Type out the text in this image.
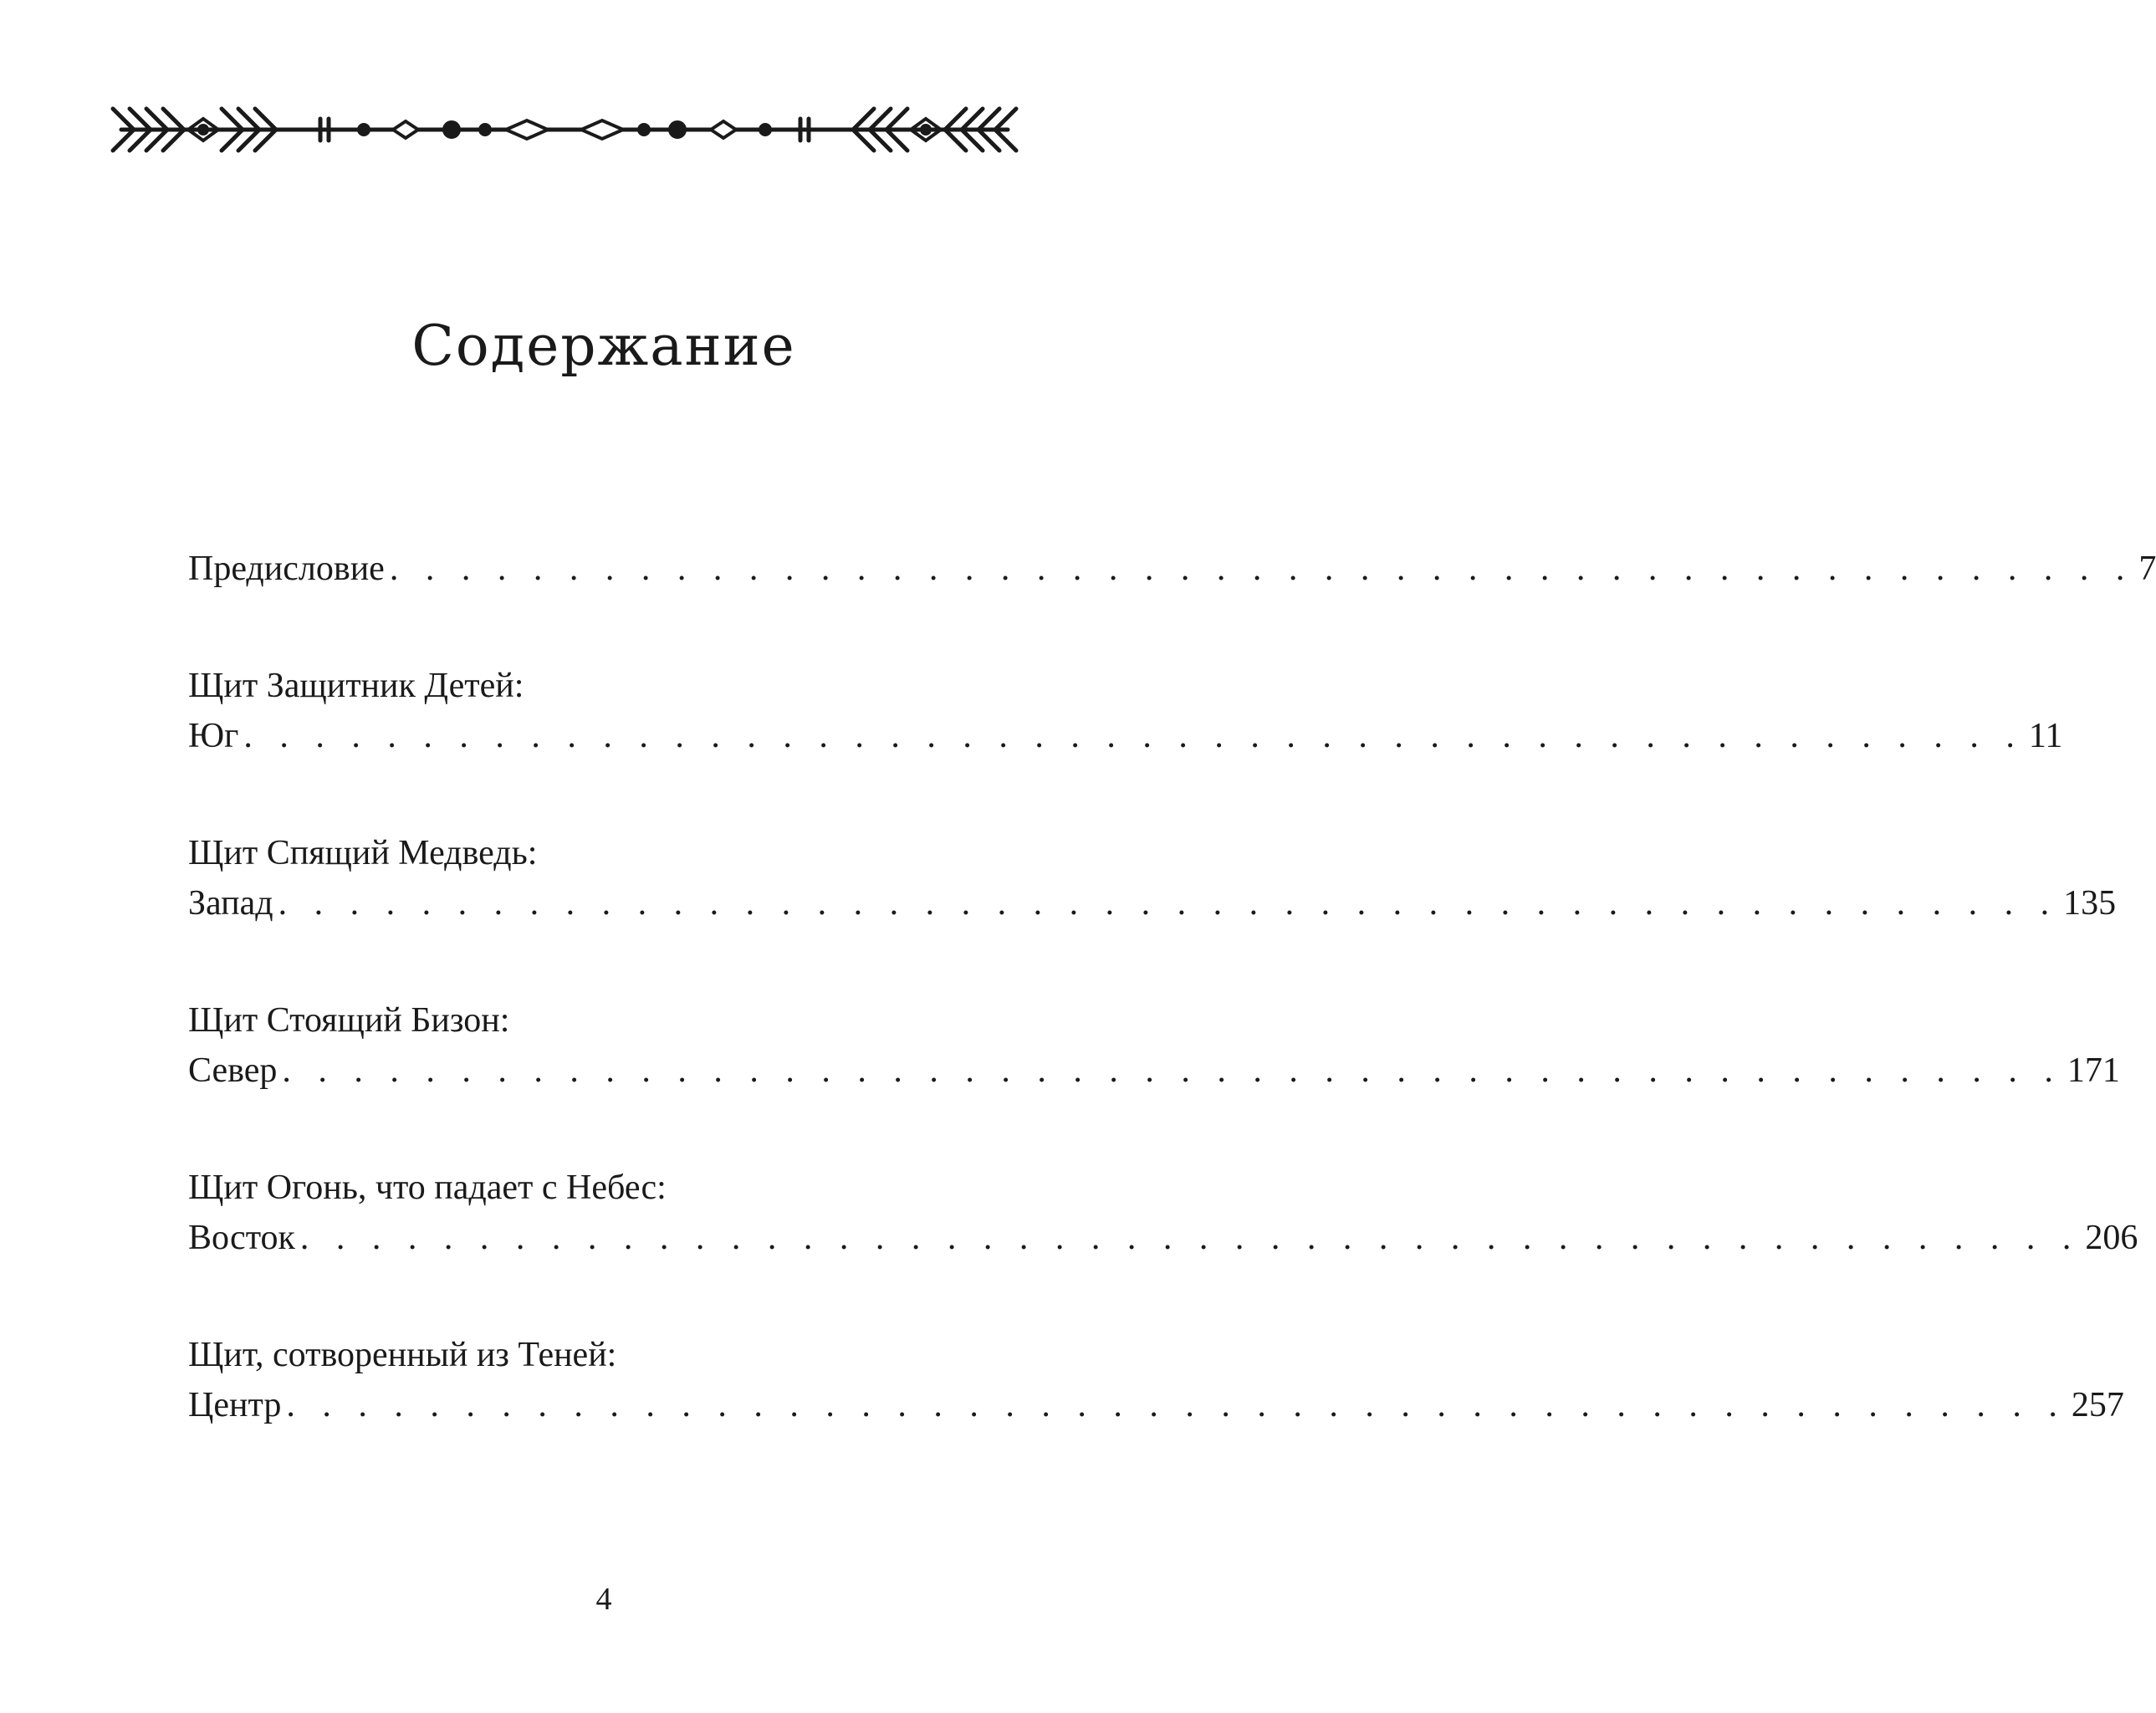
Содержание
Предисловие . . . . . . . . . . . . . . . . . . . . . . . . . . . . . . . . . . . . . . . . . . . . . . . . . 7
Щит Защитник Детей:
Юг . . . . . . . . . . . . . . . . . . . . . . . . . . . . . . . . . . . . . . . . . . . . . . . . . . 11
Щит Спящий Медведь:
Запад . . . . . . . . . . . . . . . . . . . . . . . . . . . . . . . . . . . . . . . . . . . . . . . . . . 135
Щит Стоящий Бизон:
Север . . . . . . . . . . . . . . . . . . . . . . . . . . . . . . . . . . . . . . . . . . . . . . . . . . 171
Щит Огонь, что падает с Небес:
Восток . . . . . . . . . . . . . . . . . . . . . . . . . . . . . . . . . . . . . . . . . . . . . . . . . . 206
Щит, сотворенный из Теней:
Центр . . . . . . . . . . . . . . . . . . . . . . . . . . . . . . . . . . . . . . . . . . . . . . . . . . 257
4
